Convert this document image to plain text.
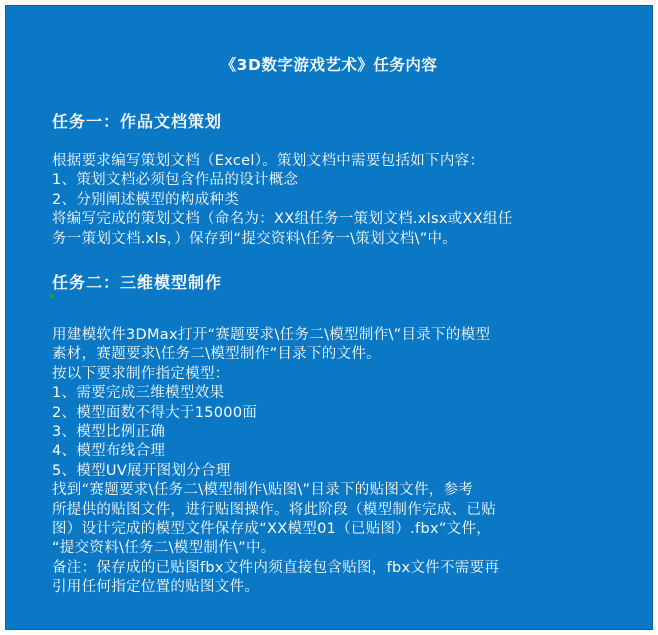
《3D数字游戏艺术》任务内容
任务一：作品文档策划
根据要求编写策划文档（Excel）。策划文档中需要包括如下内容：
1、策划文档必须包含作品的设计概念
2、分别阐述模型的构成种类
将编写完成的策划文档（命名为：XX组任务一策划文档.xlsx或XX组任
务一策划文档.xls，）保存到“提交资料\任务一\策划文档\”中。
任务二：三维模型制作
用建模软件3DMax打开“赛题要求\任务二\模型制作\”目录下的模型
素材，赛题要求\任务二\模型制作”目录下的文件。
按以下要求制作指定模型：
1、需要完成三维模型效果
2、模型面数不得大于15000面
3、模型比例正确
4、模型布线合理
5、模型UV展开图划分合理
找到“赛题要求\任务二\模型制作\贴图\”目录下的贴图文件，参考
所提供的贴图文件，进行贴图操作。将此阶段（模型制作完成、已贴
图）设计完成的模型文件保存成“XX模型01（已贴图）.fbx”文件，
“提交资料\任务二\模型制作\”中。
备注：保存成的已贴图fbx文件内须直接包含贴图，fbx文件不需要再
引用任何指定位置的贴图文件。
